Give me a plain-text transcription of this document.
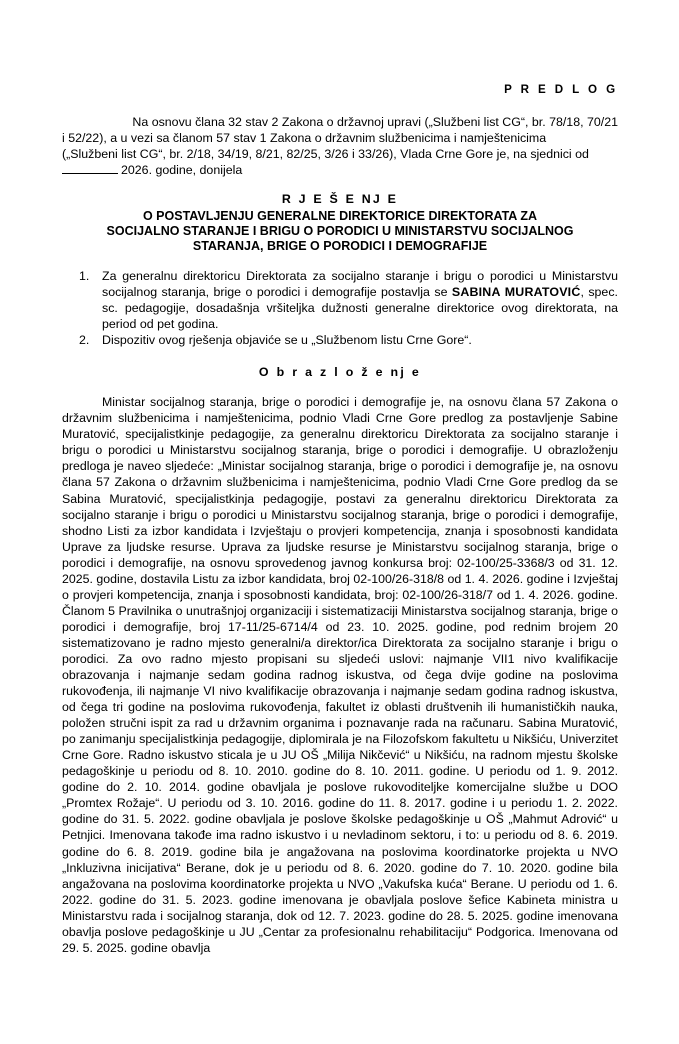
P R E D L O G
Na osnovu člana 32 stav 2 Zakona o državnoj upravi („Službeni list CG“, br. 78/18, 70/21
i 52/22), a u vezi sa članom 57 stav 1 Zakona o državnim službenicima i namještenicima
(„Službeni list CG“, br. 2/18, 34/19, 8/21, 82/25, 3/26 i 33/26), Vlada Crne Gore je, na sjednici od
2026. godine, donijela
R J E Š E NJ E
O POSTAVLJENJU GENERALNE DIREKTORICE DIREKTORATA ZA
SOCIJALNO STARANJE I BRIGU O PORODICI U MINISTARSTVU SOCIJALNOG
STARANJA, BRIGE O PORODICI I DEMOGRAFIJE
1. Za generalnu direktoricu Direktorata za socijalno staranje i brigu o porodici u Ministarstvu socijalnog staranja, brige o porodici i demografije postavlja se SABINA MURATOVIĆ, spec. sc. pedagogije, dosadašnja vršiteljka dužnosti generalne direktorice ovog direktorata, na period od pet godina.
2. Dispozitiv ovog rješenja objaviće se u „Službenom listu Crne Gore“.
O b r a z l o ž e nj e
Ministar socijalnog staranja, brige o porodici i demografije je, na osnovu člana 57 Zakona o državnim službenicima i namještenicima, podnio Vladi Crne Gore predlog za postavljenje Sabine Muratović, specijalistkinje pedagogije, za generalnu direktoricu Direktorata za socijalno staranje i brigu o porodici u Ministarstvu socijalnog staranja, brige o porodici i demografije. U obrazloženju predloga je naveo sljedeće: „Ministar socijalnog staranja, brige o porodici i demografije je, na osnovu člana 57 Zakona o državnim službenicima i namještenicima, podnio Vladi Crne Gore predlog da se Sabina Muratović, specijalistkinja pedagogije, postavi za generalnu direktoricu Direktorata za socijalno staranje i brigu o porodici u Ministarstvu socijalnog staranja, brige o porodici i demografije, shodno Listi za izbor kandidata i Izvještaju o provjeri kompetencija, znanja i sposobnosti kandidata Uprave za ljudske resurse. Uprava za ljudske resurse je Ministarstvu socijalnog staranja, brige o porodici i demografije, na osnovu sprovedenog javnog konkursa broj: 02-100/25-3368/3 od 31. 12. 2025. godine, dostavila Listu za izbor kandidata, broj 02-100/26-318/8 od 1. 4. 2026. godine i Izvještaj o provjeri kompetencija, znanja i sposobnosti kandidata, broj: 02-100/26-318/7 od 1. 4. 2026. godine. Članom 5 Pravilnika o unutrašnjoj organizaciji i sistematizaciji Ministarstva socijalnog staranja, brige o porodici i demografije, broj 17-11/25-6714/4 od 23. 10. 2025. godine, pod rednim brojem 20 sistematizovano je radno mjesto generalni/a direktor/ica Direktorata za socijalno staranje i brigu o porodici. Za ovo radno mjesto propisani su sljedeći uslovi: najmanje VII1 nivo kvalifikacije obrazovanja i najmanje sedam godina radnog iskustva, od čega dvije godine na poslovima rukovođenja, ili najmanje VI nivo kvalifikacije obrazovanja i najmanje sedam godina radnog iskustva, od čega tri godine na poslovima rukovođenja, fakultet iz oblasti društvenih ili humanističkih nauka, položen stručni ispit za rad u državnim organima i poznavanje rada na računaru. Sabina Muratović, po zanimanju specijalistkinja pedagogije, diplomirala je na Filozofskom fakultetu u Nikšiću, Univerzitet Crne Gore. Radno iskustvo sticala je u JU OŠ „Milija Nikčević“ u Nikšiću, na radnom mjestu školske pedagoškinje u periodu od 8. 10. 2010. godine do 8. 10. 2011. godine. U periodu od 1. 9. 2012. godine do 2. 10. 2014. godine obavljala je poslove rukovoditeljke komercijalne službe u DOO „Promtex Rožaje“. U periodu od 3. 10. 2016. godine do 11. 8. 2017. godine i u periodu 1. 2. 2022. godine do 31. 5. 2022. godine obavljala je poslove školske pedagoškinje u OŠ „Mahmut Adrović“ u Petnjici. Imenovana takođe ima radno iskustvo i u nevladinom sektoru, i to: u periodu od 8. 6. 2019. godine do 6. 8. 2019. godine bila je angažovana na poslovima koordinatorke projekta u NVO „Inkluzivna inicijativa“ Berane, dok je u periodu od 8. 6. 2020. godine do 7. 10. 2020. godine bila angažovana na poslovima koordinatorke projekta u NVO „Vakufska kuća“ Berane. U periodu od 1. 6. 2022. godine do 31. 5. 2023. godine imenovana je obavljala poslove šefice Kabineta ministra u Ministarstvu rada i socijalnog staranja, dok od 12. 7. 2023. godine do 28. 5. 2025. godine imenovana obavlja poslove pedagoškinje u JU „Centar za profesionalnu rehabilitaciju“ Podgorica. Imenovana od 29. 5. 2025. godine obavlja
